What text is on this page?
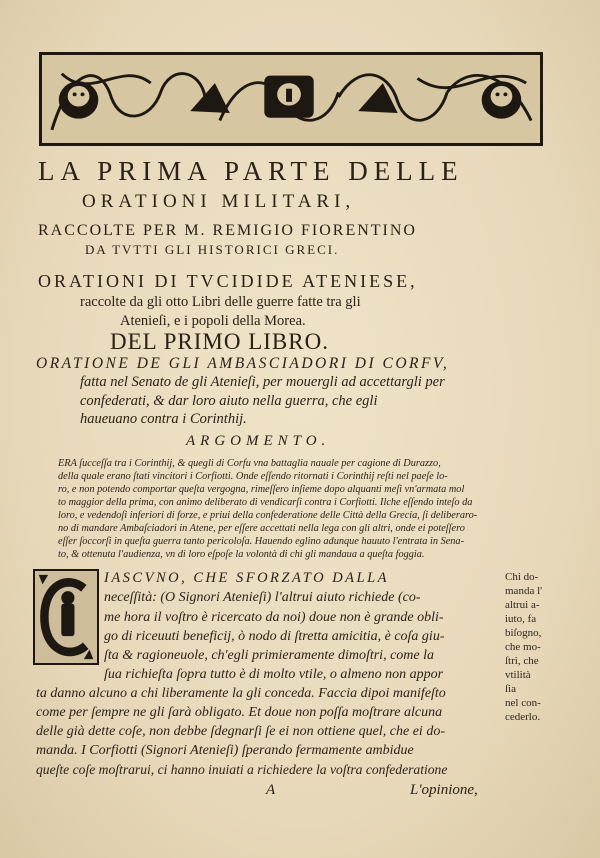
LA PRIMA PARTE DELLE
ORATIONI MILITARI,
RACCOLTE PER M. REMIGIO FIORENTINO
DA TVTTI GLI HISTORICI GRECI.
ORATIONI DI TVCIDIDE ATENIESE,
raccolte da gli otto Libri delle guerre fatte tra gli
Atenieſi, e i popoli della Morea.
DEL PRIMO LIBRO.
ORATIONE DE GLI AMBASCIADORI DI CORFV,
fatta nel Senato de gli Atenieſi, per mouergli ad accettargli per
confederati, & dar loro aiuto nella guerra, che egli
haueuano contra i Corinthij.
ARGOMENTO.
ERA ſucceſſa tra i Corinthij, & quegli di Corfu vna battaglia nauale per cagione di Durazzo,
della quale erano ſtati vincitori i Corfiotti. Onde eſſendo ritornati i Corinthij reſti nel paeſe lo-
ro, e non potendo comportar queſta vergogna, rimeſſero inſieme dopo alquanti meſi vn'armata mol
to maggior della prima, con animo deliberato di vendicarſi contra i Corfiotti. Ilche eſſendo inteſo da
loro, e vedendoſi inferiori di forze, e priui della confederatione delle Città della Grecia, ſi deliberaro-
no di mandare Ambaſciadori in Atene, per eſſere accettati nella lega con gli altri, onde ei poteſſero
eſſer ſoccorſi in queſta guerra tanto pericoloſa. Hauendo eglino adunque hauuto l'entrata in Sena-
to, & ottenuta l'audienza, vn di loro eſpoſe la volontà di chi gli mandaua a queſta foggia.
IASCVNO, CHE SFORZATO DALLA
neceſſità: (O Signori Atenieſi) l'altrui aiuto richiede (co-
me hora il voſtro è ricercato da noi) doue non è grande obli-
go di riceuuti beneficij, ò nodo di ſtretta amicitia, è coſa giu-
ſta & ragioneuole, ch'egli primieramente dimoſtri, come la
ſua richieſta ſopra tutto è di molto vtile, o almeno non appor
ta danno alcuno a chi liberamente la gli conceda. Faccia dipoi manifeſto
come per ſempre ne gli ſarà obligato. Et doue non poſſa moſtrare alcuna
delle già dette coſe, non debbe ſdegnarſi ſe ei non ottiene quel, che ei do-
manda. I Corfiotti (Signori Atenieſi) ſperando fermamente ambidue
queſte coſe moſtrarui, ci hanno inuiati a richiedere la voſtra confederatione
A	L'opinione,
Chi do-
manda l'
altrui a-
iuto, fa
biſogno,
che mo-
ſtri, che
vtilità
ſia
nel con-
cederlo.
